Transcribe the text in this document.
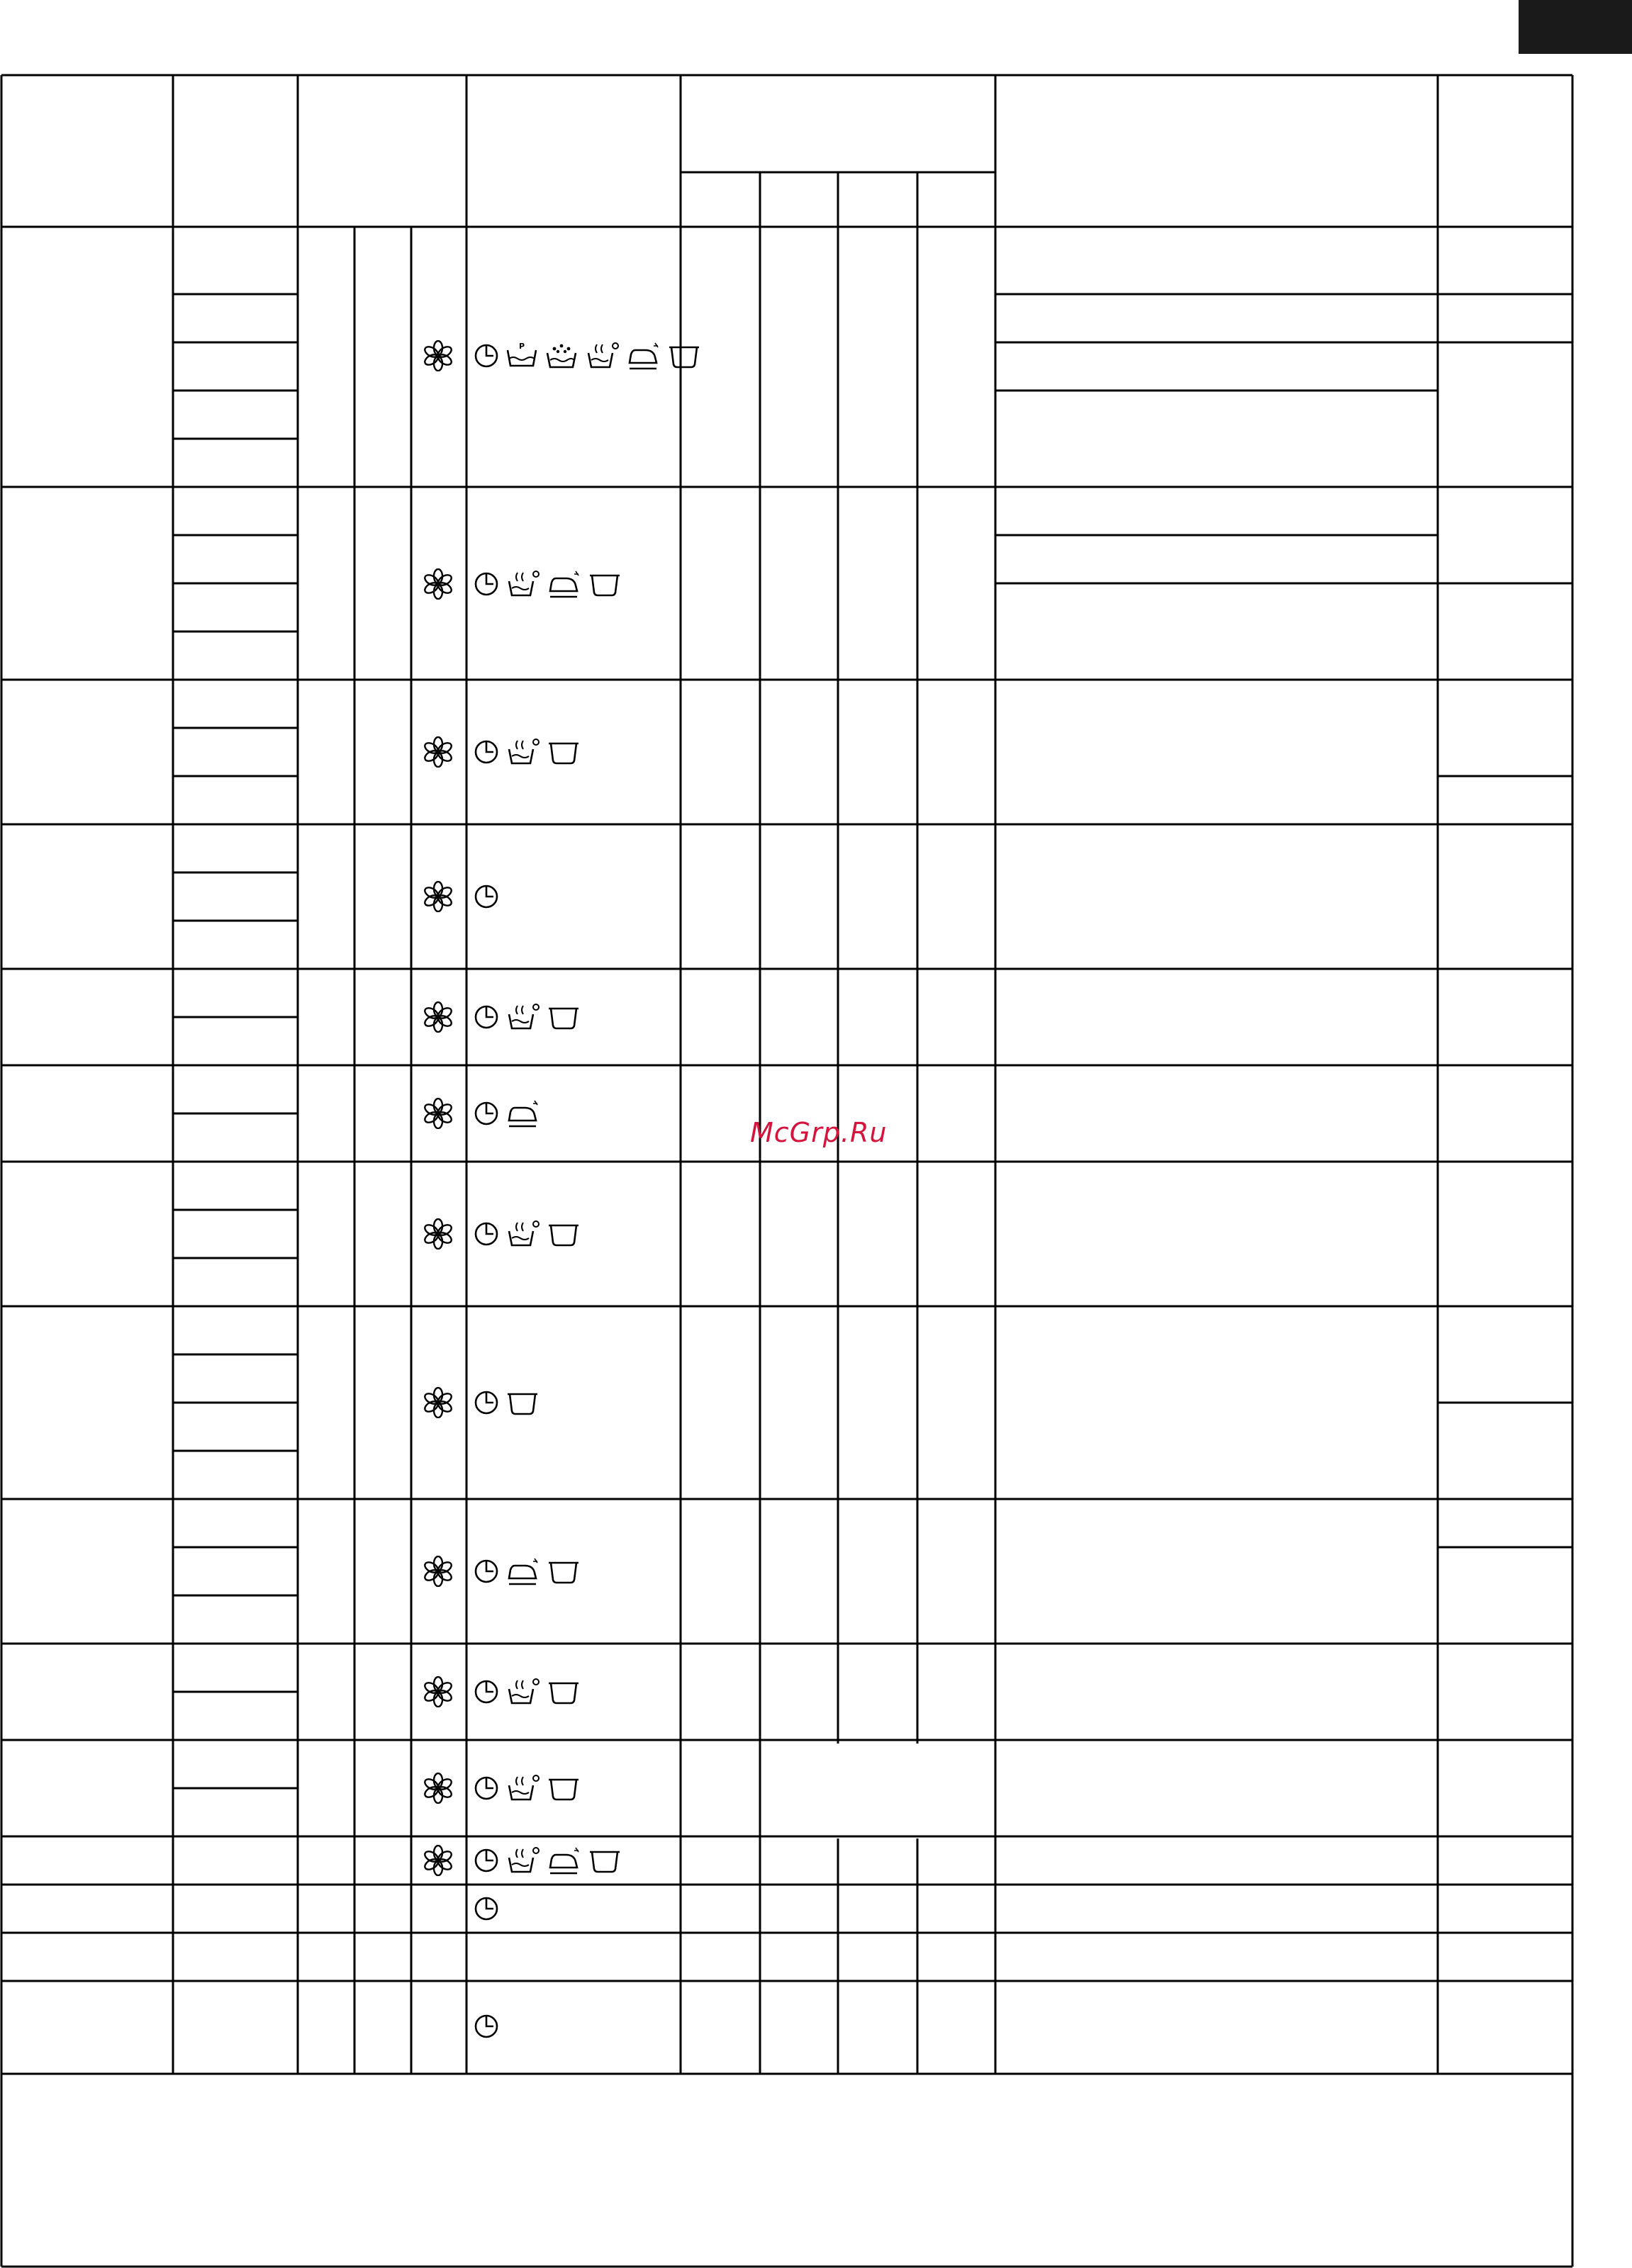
P
McGrp.Ru
